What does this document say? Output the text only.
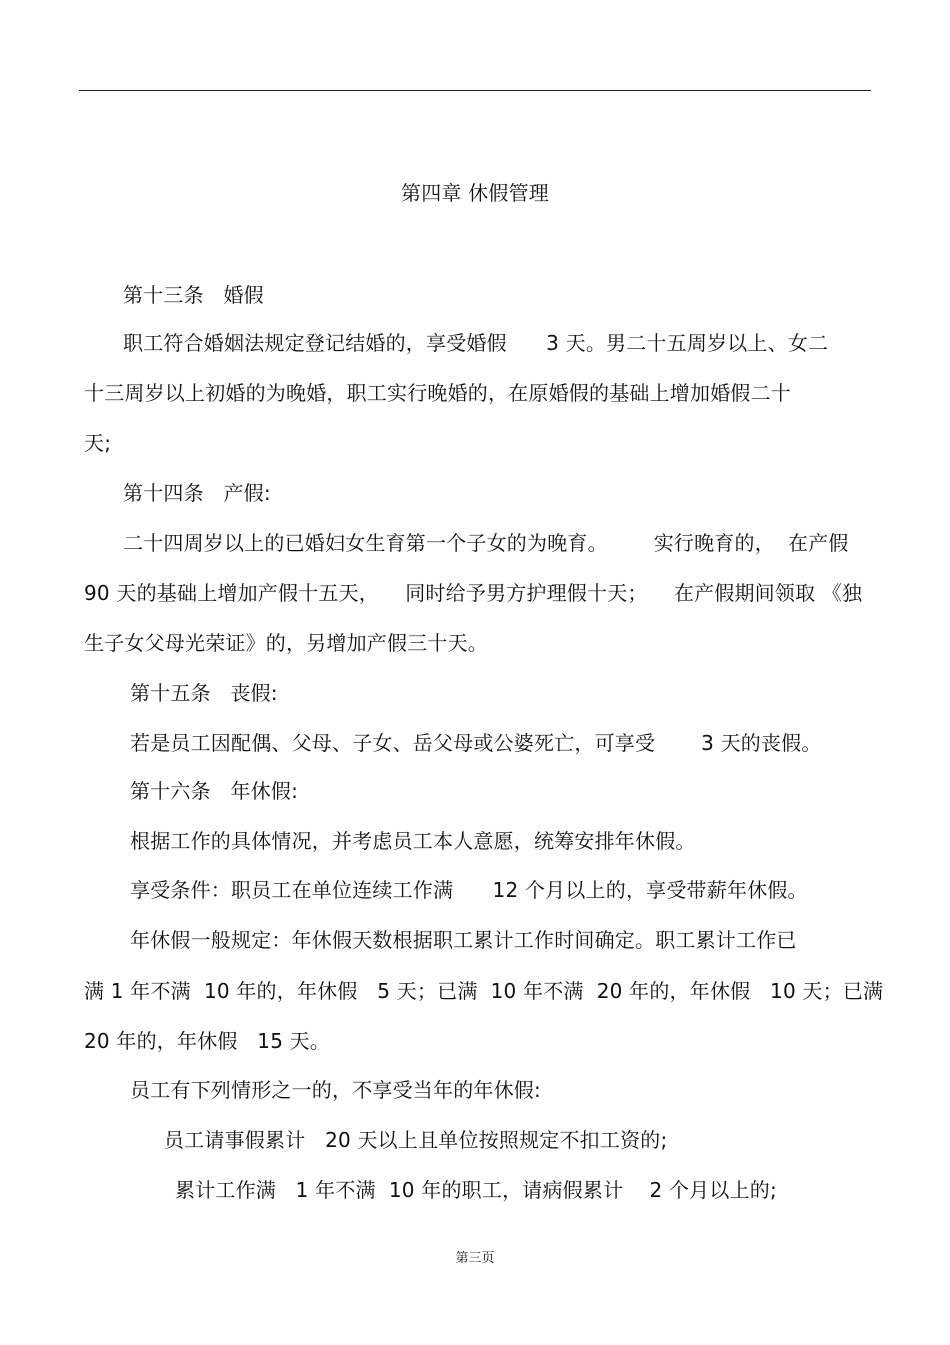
第四章 休假管理
第十三条   婚假
职工符合婚姻法规定登记结婚的，享受婚假      3 天。男二十五周岁以上、女二
十三周岁以上初婚的为晚婚，职工实行晚婚的，在原婚假的基础上增加婚假二十
天;
第十四条   产假:
二十四周岁以上的已婚妇女生育第一个子女的为晚育。       实行晚育的，  在产假
90 天的基础上增加产假十五天，    同时给予男方护理假十天；    在产假期间领取 《独
生子女父母光荣证》的，另增加产假三十天。
第十五条   丧假:
若是员工因配偶、父母、子女、岳父母或公婆死亡，可享受       3 天的丧假。
第十六条   年休假:
根据工作的具体情况，并考虑员工本人意愿，统筹安排年休假。
享受条件：职员工在单位连续工作满      12 个月以上的，享受带薪年休假。
年休假一般规定：年休假天数根据职工累计工作时间确定。职工累计工作已
满 1 年不满  10 年的，年休假   5 天；已满  10 年不满  20 年的，年休假   10 天；已满
20 年的，年休假   15 天。
员工有下列情形之一的，不享受当年的年休假:
员工请事假累计   20 天以上且单位按照规定不扣工资的;
累计工作满   1 年不满  10 年的职工，请病假累计    2 个月以上的;
第三页
